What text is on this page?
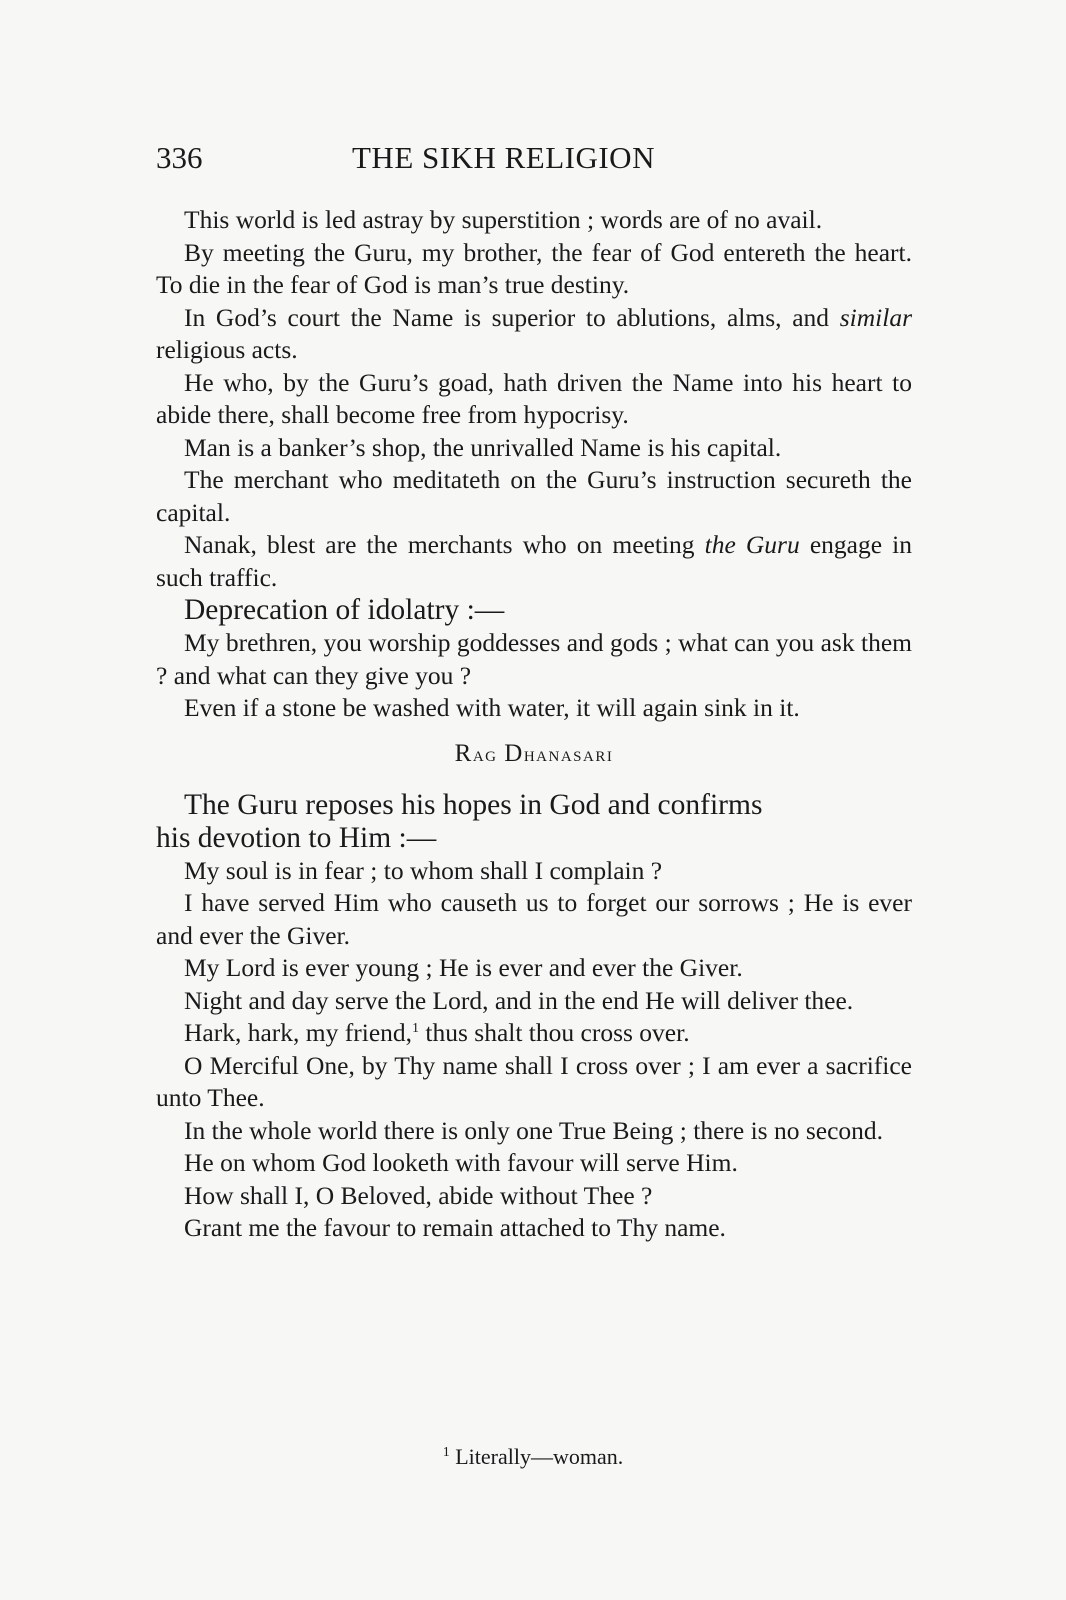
336	THE SIKH RELIGION

This world is led astray by superstition ; words are of no avail.

By meeting the Guru, my brother, the fear of God entereth the heart. To die in the fear of God is man’s true destiny.

In God’s court the Name is superior to ablutions, alms, and similar religious acts.

He who, by the Guru’s goad, hath driven the Name into his heart to abide there, shall become free from hypocrisy.

Man is a banker’s shop, the unrivalled Name is his capital.

The merchant who meditateth on the Guru’s instruction secureth the capital.

Nanak, blest are the merchants who on meeting the Guru engage in such traffic.

Deprecation of idolatry :—

My brethren, you worship goddesses and gods ; what can you ask them ? and what can they give you ?

Even if a stone be washed with water, it will again sink in it.

Rag Dhanasari

The Guru reposes his hopes in God and confirms
his devotion to Him :—

My soul is in fear ; to whom shall I complain ?

I have served Him who causeth us to forget our sorrows ; He is ever and ever the Giver.

My Lord is ever young ; He is ever and ever the Giver.

Night and day serve the Lord, and in the end He will deliver thee.

Hark, hark, my friend,$^1$ thus shalt thou cross over.

O Merciful One, by Thy name shall I cross over ; I am ever a sacrifice unto Thee.

In the whole world there is only one True Being ; there is no second.

He on whom God looketh with favour will serve Him.

How shall I, O Beloved, abide without Thee ?

Grant me the favour to remain attached to Thy name.

$^1$ Literally—woman.
